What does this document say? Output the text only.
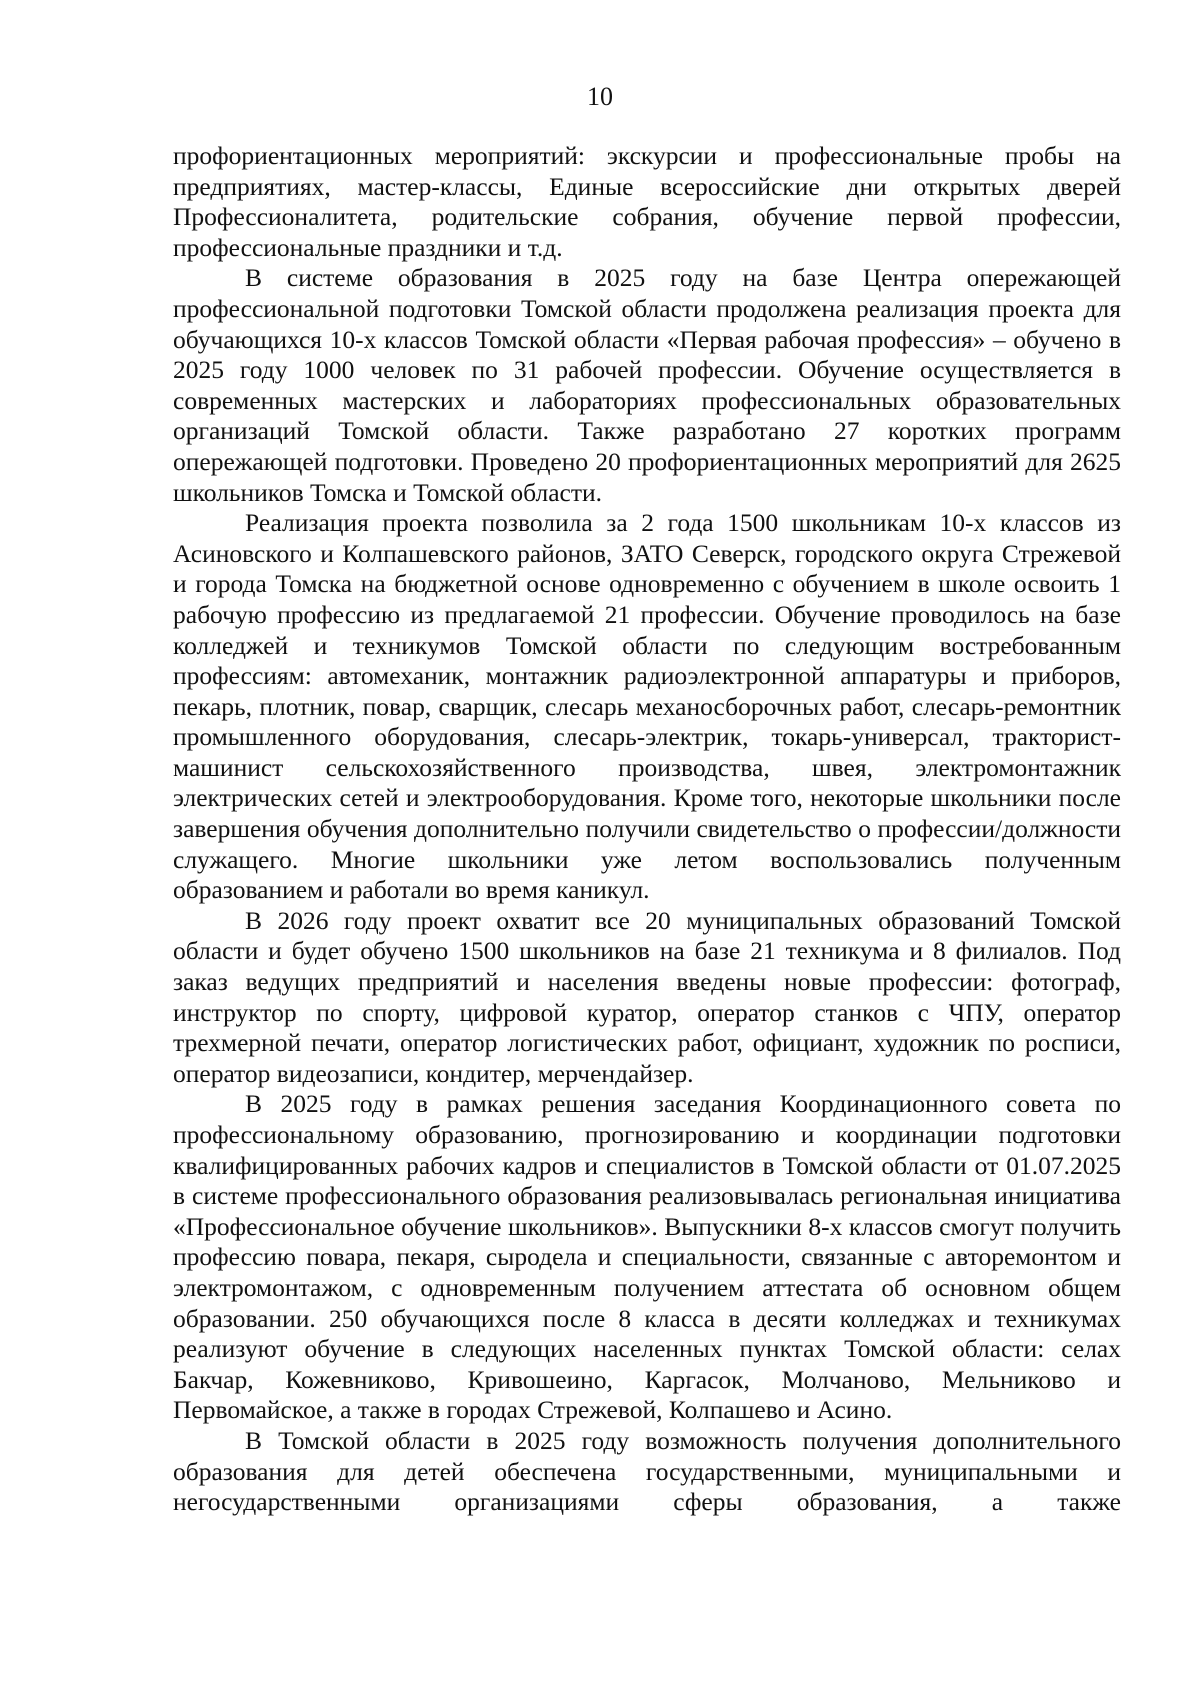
10

профориентационных мероприятий: экскурсии и профессиональные пробы на предприятиях, мастер-классы, Единые всероссийские дни открытых дверей Профессионалитета, родительские собрания, обучение первой профессии, профессиональные праздники и т.д.

В системе образования в 2025 году на базе Центра опережающей профессиональной подготовки Томской области продолжена реализация проекта для обучающихся 10-х классов Томской области «Первая рабочая профессия» – обучено в 2025 году 1000 человек по 31 рабочей профессии. Обучение осуществляется в современных мастерских и лабораториях профессиональных образовательных организаций Томской области. Также разработано 27 коротких программ опережающей подготовки. Проведено 20 профориентационных мероприятий для 2625 школьников Томска и Томской области.

Реализация проекта позволила за 2 года 1500 школьникам 10-х классов из Асиновского и Колпашевского районов, ЗАТО Северск, городского округа Стрежевой и города Томска на бюджетной основе одновременно с обучением в школе освоить 1 рабочую профессию из предлагаемой 21 профессии. Обучение проводилось на базе колледжей и техникумов Томской области по следующим востребованным профессиям: автомеханик, монтажник радиоэлектронной аппаратуры и приборов, пекарь, плотник, повар, сварщик, слесарь механосборочных работ, слесарь-ремонтник промышленного оборудования, слесарь-электрик, токарь-универсал, тракторист-машинист сельскохозяйственного производства, швея, электромонтажник электрических сетей и электрооборудования. Кроме того, некоторые школьники после завершения обучения дополнительно получили свидетельство о профессии/должности служащего. Многие школьники уже летом воспользовались полученным образованием и работали во время каникул.

В 2026 году проект охватит все 20 муниципальных образований Томской области и будет обучено 1500 школьников на базе 21 техникума и 8 филиалов. Под заказ ведущих предприятий и населения введены новые профессии: фотограф, инструктор по спорту, цифровой куратор, оператор станков с ЧПУ, оператор трехмерной печати, оператор логистических работ, официант, художник по росписи, оператор видеозаписи, кондитер, мерчендайзер.

В 2025 году в рамках решения заседания Координационного совета по профессиональному образованию, прогнозированию и координации подготовки квалифицированных рабочих кадров и специалистов в Томской области от 01.07.2025 в системе профессионального образования реализовывалась региональная инициатива «Профессиональное обучение школьников». Выпускники 8-х классов смогут получить профессию повара, пекаря, сыродела и специальности, связанные с авторемонтом и электромонтажом, с одновременным получением аттестата об основном общем образовании. 250 обучающихся после 8 класса в десяти колледжах и техникумах реализуют обучение в следующих населенных пунктах Томской области: селах Бакчар, Кожевниково, Кривошеино, Каргасок, Молчаново, Мельниково и Первомайское, а также в городах Стрежевой, Колпашево и Асино.

В Томской области в 2025 году возможность получения дополнительного образования для детей обеспечена государственными, муниципальными и негосударственными организациями сферы образования, а также
